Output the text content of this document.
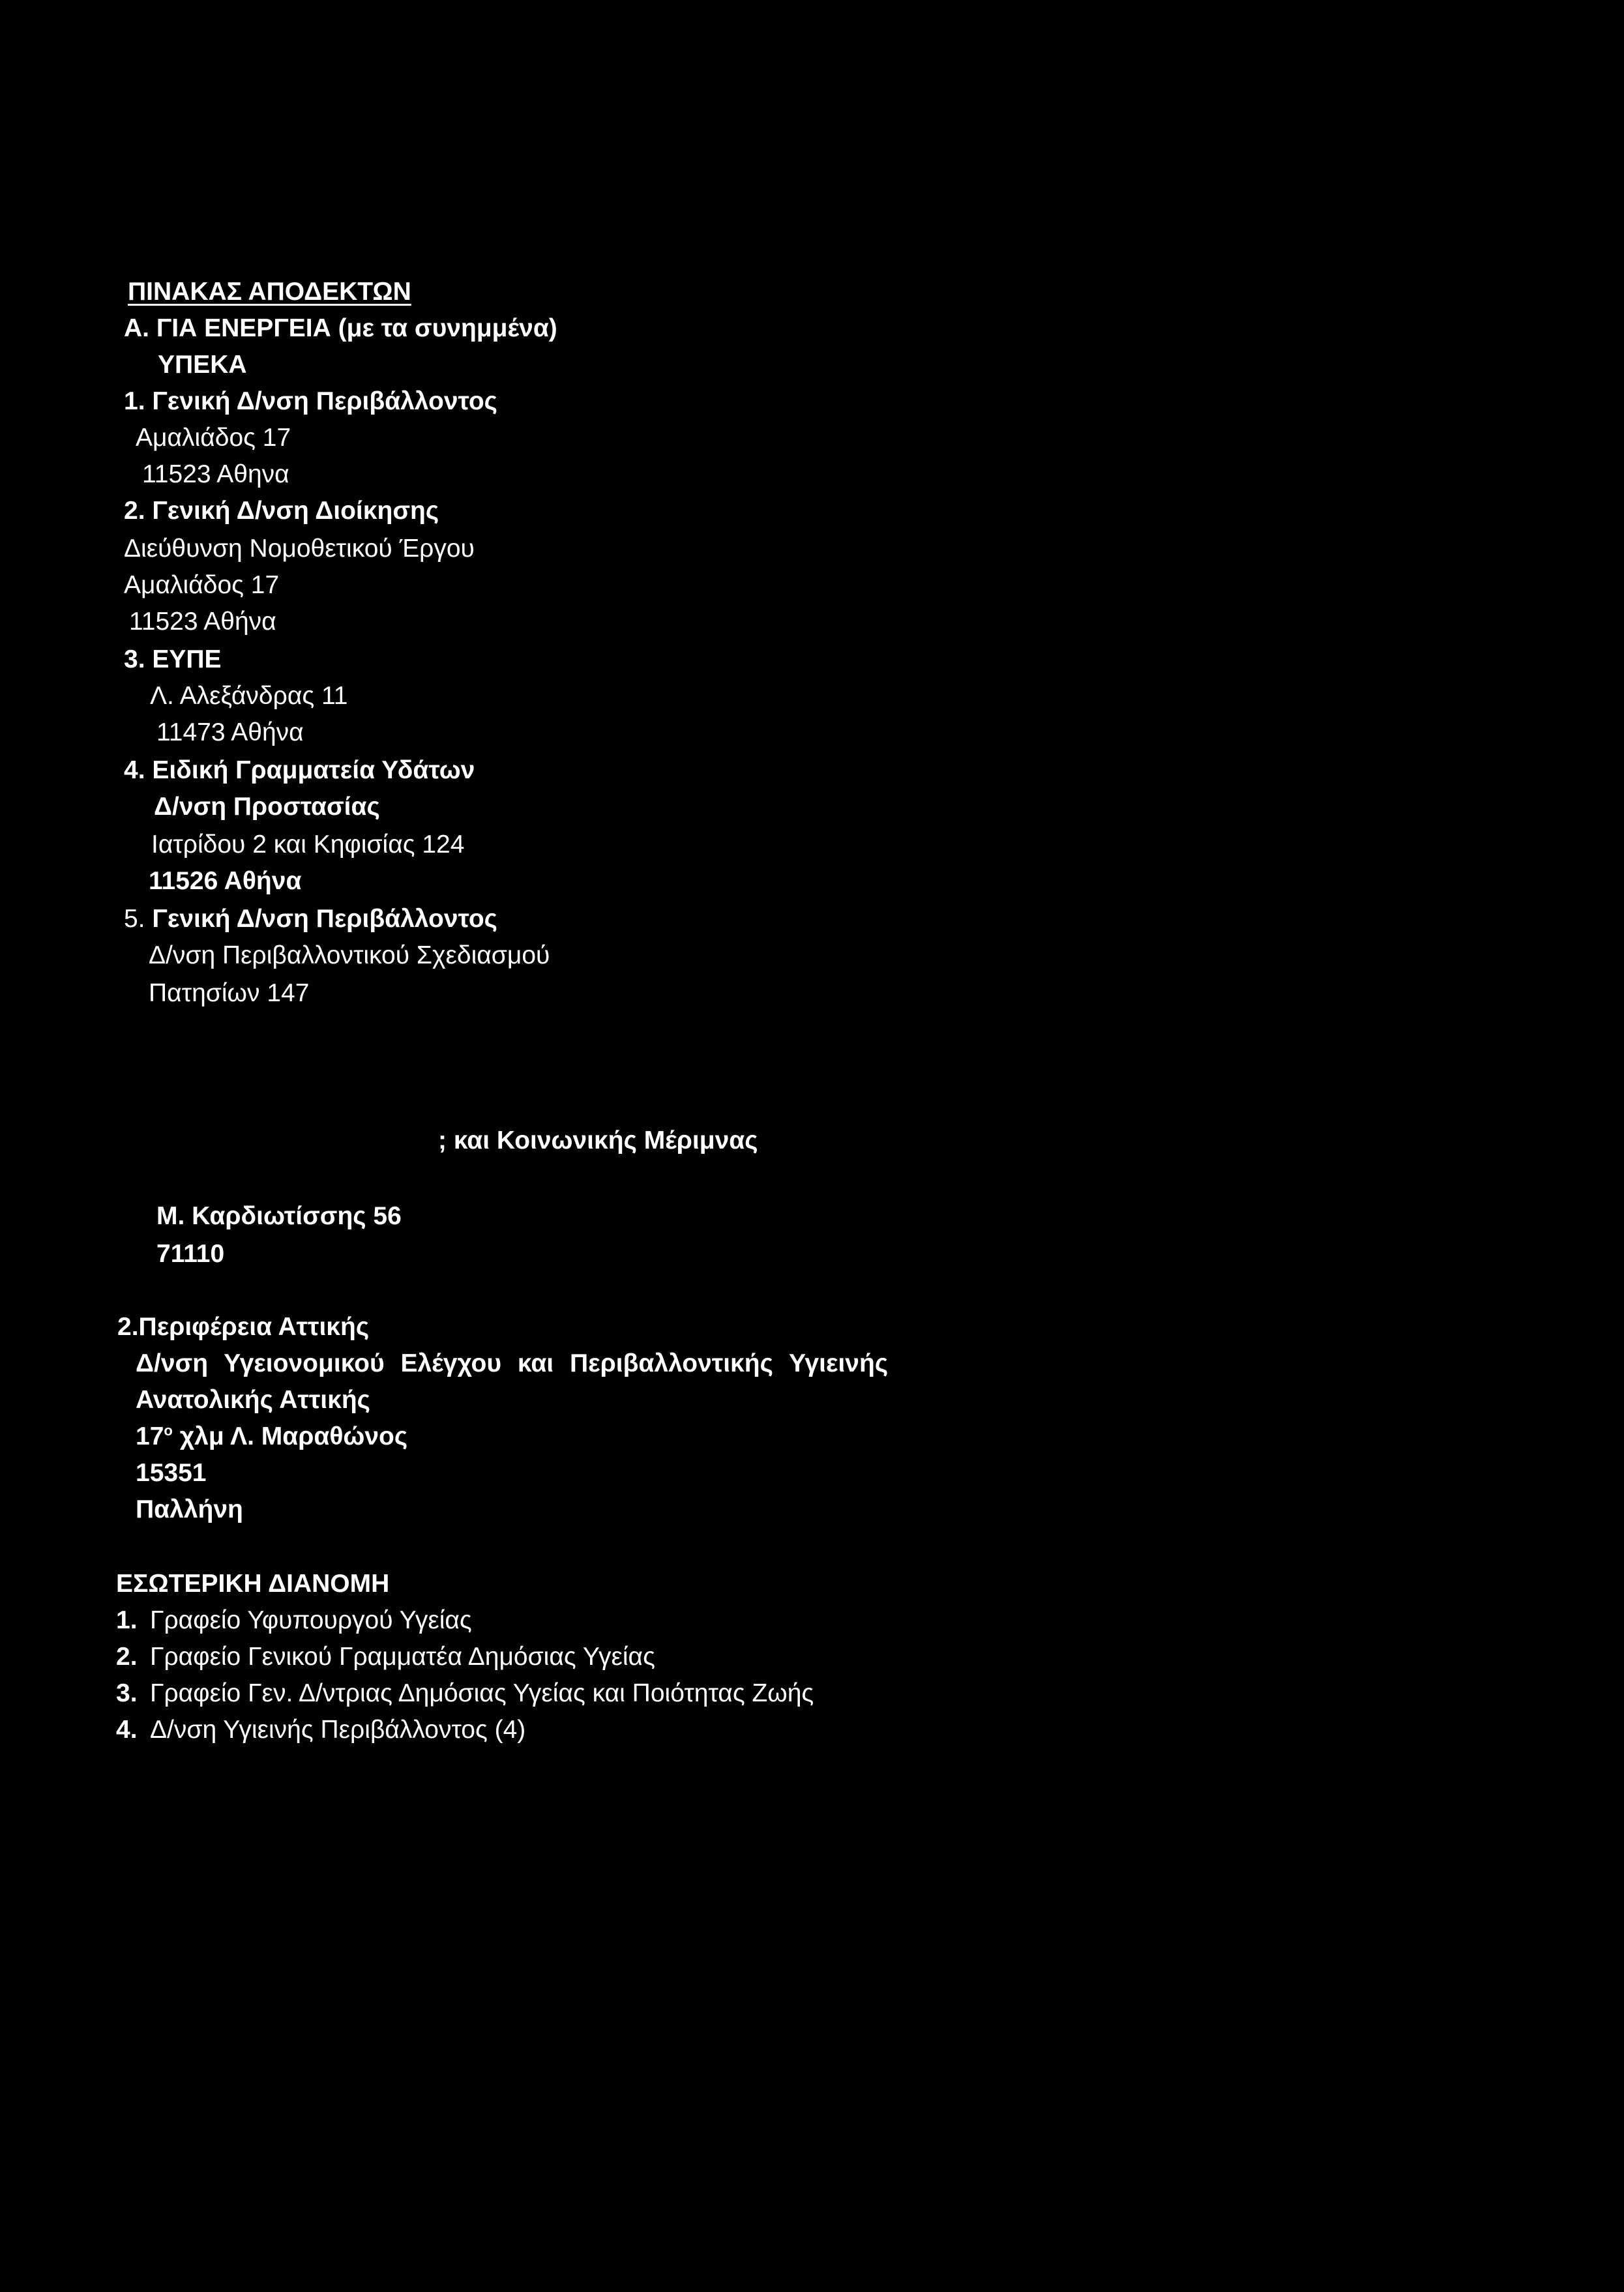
ΠΙΝΑΚΑΣ ΑΠΟΔΕΚΤΩΝ
Α. ΓΙΑ ΕΝΕΡΓΕΙΑ (με τα συνημμένα)
ΥΠΕΚΑ
1. Γενική Δ/νση Περιβάλλοντος
Αμαλιάδος 17
11523 Αθηνα
2. Γενική Δ/νση Διοίκησης
Διεύθυνση Νομοθετικού Έργου
Αμαλιάδος 17
11523 Αθήνα
3. ΕΥΠΕ
Λ. Αλεξάνδρας 11
11473 Αθήνα
4. Ειδική Γραμματεία Υδάτων
Δ/νση Προστασίας
Ιατρίδου 2 και Κηφισίας 124
11526 Αθήνα
5. Γενική Δ/νση Περιβάλλοντος
Δ/νση Περιβαλλοντικού Σχεδιασμού
Πατησίων 147
; και Κοινωνικής Μέριμνας
Μ. Καρδιωτίσσης 56
71110
2.Περιφέρεια Αττικής
Δ/νση Υγειονομικού Ελέγχου και Περιβαλλοντικής Υγιεινής
Ανατολικής Αττικής
17$^o$ χλμ Λ. Μαραθώνος
15351
Παλλήνη
ΕΣΩΤΕΡΙΚΗ ΔΙΑΝΟΜΗ
1. Γραφείο Υφυπουργού Υγείας
2. Γραφείο Γενικού Γραμματέα Δημόσιας Υγείας
3. Γραφείο Γεν. Δ/ντριας Δημόσιας Υγείας και Ποιότητας Ζωής
4. Δ/νση Υγιεινής Περιβάλλοντος (4)
